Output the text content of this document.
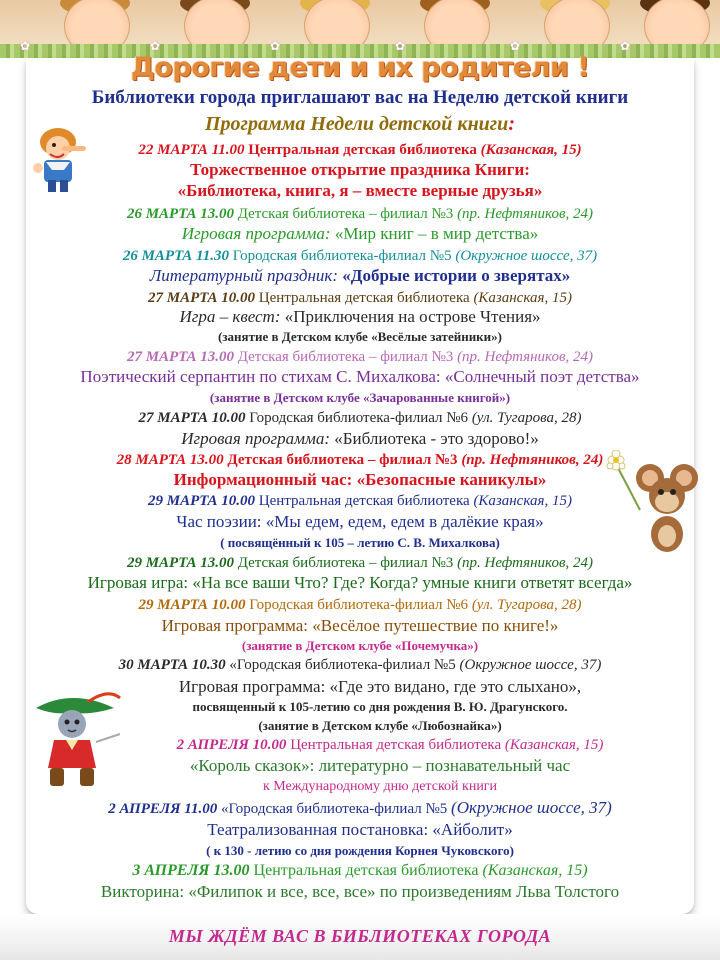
✿	✿	✿	✿	✿	✿
Дорогие дети и их родители !
Библиотеки города приглашают вас на Неделю детской книги
Программа Недели детской книги:
22 МАРТА 11.00 Центральная детская библиотека (Казанская, 15)
Торжественное открытие праздника Книги:
«Библиотека, книга, я – вместе верные друзья»
26 МАРТА 13.00 Детская библиотека – филиал №3 (пр. Нефтяников, 24)
Игровая программа: «Мир книг – в мир детства»
26 МАРТА 11.30 Городская библиотека-филиал №5 (Окружное шоссе, 37)
Литературный праздник: «Добрые истории о зверятах»
27 МАРТА 10.00 Центральная детская библиотека (Казанская, 15)
Игра – квест: «Приключения на острове Чтения»
(занятие в Детском клубе «Весёлые затейники»)
27 МАРТА 13.00 Детская библиотека – филиал №3 (пр. Нефтяников, 24)
Поэтический серпантин по стихам С. Михалкова: «Солнечный поэт детства»
(занятие в Детском клубе «Зачарованные книгой»)
27 МАРТА 10.00 Городская библиотека-филиал №6 (ул. Тугарова, 28)
Игровая программа: «Библиотека - это здорово!»
28 МАРТА 13.00 Детская библиотека – филиал №3 (пр. Нефтяников, 24)
Информационный час: «Безопасные каникулы»
29 МАРТА 10.00 Центральная детская библиотека (Казанская, 15)
Час поэзии: «Мы едем, едем, едем в далёкие края»
( посвящённый к 105 – летию С. В. Михалкова)
29 МАРТА 13.00 Детская библиотека – филиал №3 (пр. Нефтяников, 24)
Игровая игра: «На все ваши Что? Где? Когда? умные книги ответят всегда»
29 МАРТА 10.00 Городская библиотека-филиал №6 (ул. Тугарова, 28)
Игровая программа: «Весёлое путешествие по книге!»
(занятие в Детском клубе «Почемучка»)
30 МАРТА 10.30 «Городская библиотека-филиал №5 (Окружное шоссе, 37)
Игровая программа: «Где это видано, где это слыхано»,
посвященный к 105-летию со дня рождения В. Ю. Драгунского.
(занятие в Детском клубе «Любознайка»)
2 АПРЕЛЯ 10.00 Центральная детская библиотека (Казанская, 15)
«Король сказок»: литературно – познавательный час
к Международному дню детской книги
2 АПРЕЛЯ 11.00 «Городская библиотека-филиал №5 (Окружное шоссе, 37)
Театрализованная постановка: «Айболит»
( к 130 - летию со дня рождения Корнея Чуковского)
3 АПРЕЛЯ 13.00 Центральная детская библиотека (Казанская, 15)
Викторина: «Филипок и все, все, все» по произведениям Льва Толстого
МЫ ЖДЁМ ВАС В БИБЛИОТЕКАХ ГОРОДА
